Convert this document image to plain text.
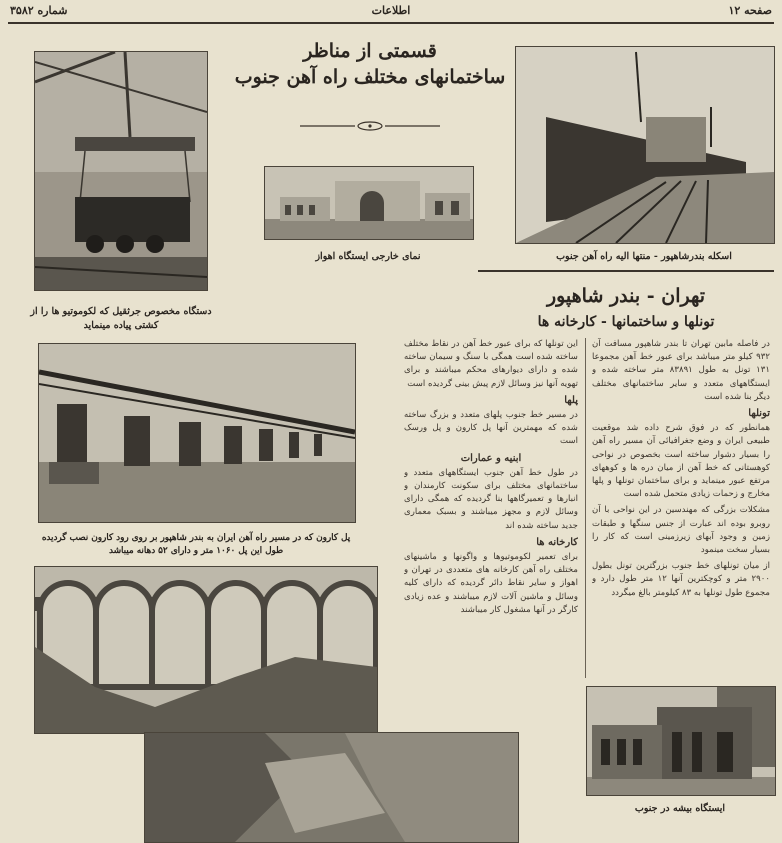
شماره ۳۵۸۲	اطلاعات	صفحه ۱۲
قسمتی از مناظر
ساختمانهای مختلف راه آهن جنوب
دستگاه مخصوص جرثقیل که لکوموتیو ها را از کشتی پیاده مینماید
نمای خارجی ایستگاه اهواز	اسکله بندرشاهپور - منتها الیه راه آهن جنوب
تهران - بندر شاهپور
تونلها و ساختمانها - کارخانه ها

در فاصله مابین تهران تا بندر شاهپور مسافت آن ۹۳۲ کیلو متر میباشد برای عبور خط آهن مجموعا ۱۳۱ تونل به طول ۸۳۸۹۱ متر ساخته شده و ایستگاههای متعدد و سایر ساختمانهای مختلف دیگر بنا شده است

تونلها

همانطور که در فوق شرح داده شد موقعیت طبیعی ایران و وضع جغرافیائی آن مسیر راه آهن را بسیار دشوار ساخته است بخصوص در نواحی کوهستانی که خط آهن از میان دره ها و کوههای مرتفع عبور مینماید و برای ساختمان تونلها و پلها مخارج و زحمات زیادی متحمل شده است

مشکلات بزرگی که مهندسین در این نواحی با آن روبرو بوده اند عبارت از جنس سنگها و طبقات زمین و وجود آبهای زیرزمینی است که کار را بسیار سخت مینمود

از میان تونلهای خط جنوب بزرگترین تونل بطول ۲۹۰۰ متر و کوچکترین آنها ۱۲ متر طول دارد و مجموع طول تونلها به ۸۳ کیلومتر بالغ میگردد

این تونلها که برای عبور خط آهن در نقاط مختلف ساخته شده است همگی با سنگ و سیمان ساخته شده و دارای دیوارهای محکم میباشند و برای تهویه آنها نیز وسائل لازم پیش بینی گردیده است

پلها

در مسیر خط جنوب پلهای متعدد و بزرگ ساخته شده که مهمترین آنها پل کارون و پل ورسک است

ابنیه و عمارات

در طول خط آهن جنوب ایستگاههای متعدد و ساختمانهای مختلف برای سکونت کارمندان و انبارها و تعمیرگاهها بنا گردیده که همگی دارای وسائل لازم و مجهز میباشند و بسبک معماری جدید ساخته شده اند

کارخانه ها

برای تعمیر لکوموتیوها و واگونها و ماشینهای مختلف راه آهن کارخانه های متعددی در تهران و اهواز و سایر نقاط دائر گردیده که دارای کلیه وسائل و ماشین آلات لازم میباشند و عده زیادی کارگر در آنها مشغول کار میباشند

پل کارون که در مسیر راه آهن ایران به بندر شاهپور بر روی رود کارون نصب گردیده طول این پل ۱۰۶۰ متر و دارای ۵۲ دهانه میباشد
ایستگاه بیشه در جنوب
